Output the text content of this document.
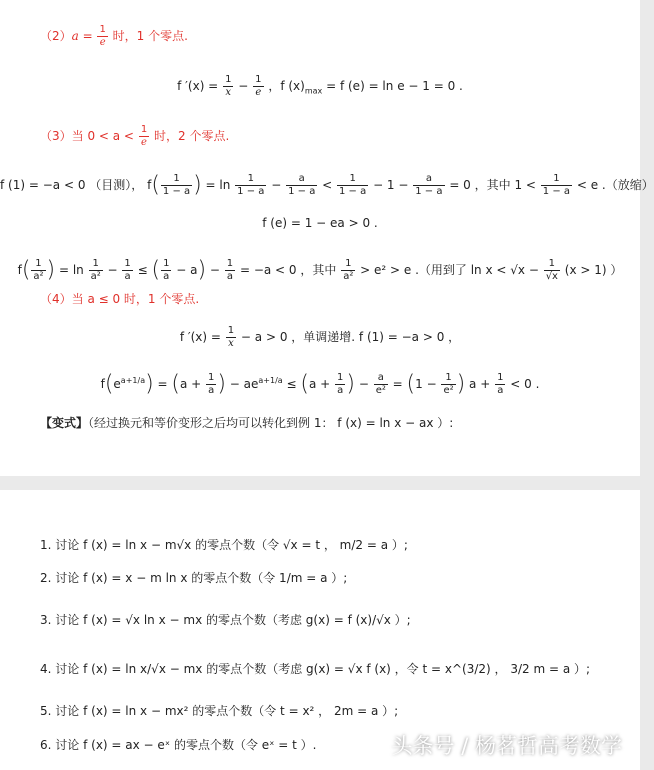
$(2)a = \frac{1}{e}$ 时，1 个零点.
f $'(x) = \frac{1}{x} - \frac{1}{e}$ ，f $(x)_{max} = f$ (e) = ln e − 1 = 0 .
（3）当 $0 < a < \frac{1}{e}$ 时，2 个零点.
f (1) = −a < 0 （目测）， $f( \frac{1}{1 - a}$ ) = $\ln \frac{1}{1 - a} - \frac{a}{1 - a} < \frac{1}{1 - a} - 1 - \frac{a}{1 - a} = 0$ ，其中 $1 < \frac{1}{1 - a} < e$ .（放缩）
f (e) = 1 − ea > 0 .
$f( \frac{1}{\text{a²}}$ ) = $\ln \frac{1}{\text{a²}} - \frac{1}{a}$ ≤ ( $\frac{1}{a} - a) - \frac{1}{a} = -a < 0$ ，其中 $\frac{1}{\text{a²}} > e^2 > e$ .（用到了 $\ln x < √x - \frac{1}{√x} (x > 1)$ ）
（4）当 a ≤ 0 时，1 个零点.
f $'(x) = \frac{1}{x} - a > 0$ ，单调递增. f (1) = −a > 0 ，
$f(e^{a+1/a}) = (a + \frac{1}{a}$ ) − $ae^{a+1/a} \le (a + \frac{1}{a}$ ) − $\frac{a}{\text{e²}} = (1 - \frac{1}{\text{e²}}$ ) $a + \frac{1}{a} < 0$ .
【变式】（经过换元和等价变形之后均可以转化到例 1： f (x) = ln x − ax ）:
1. 讨论 f (x) = ln x − m√x 的零点个数（令 √x = t ， m/2 = a ）;
2. 讨论 f (x) = x − m ln x 的零点个数（令 1/m = a ）;
3. 讨论 f (x) = √x ln x − mx 的零点个数（考虑 g(x) = f (x)/√x ）;
4. 讨论 f (x) = ln x/√x − mx 的零点个数（考虑 g(x) = √x f (x) ，令 t = x^(3/2) ， 3/2 m = a ）;
5. 讨论 f (x) = ln x − mx² 的零点个数（令 t = x² ， 2m = a ）;
6. 讨论 f (x) = ax − eˣ 的零点个数（令 eˣ = t ）.	头条号 / 杨茗哲高考数学
